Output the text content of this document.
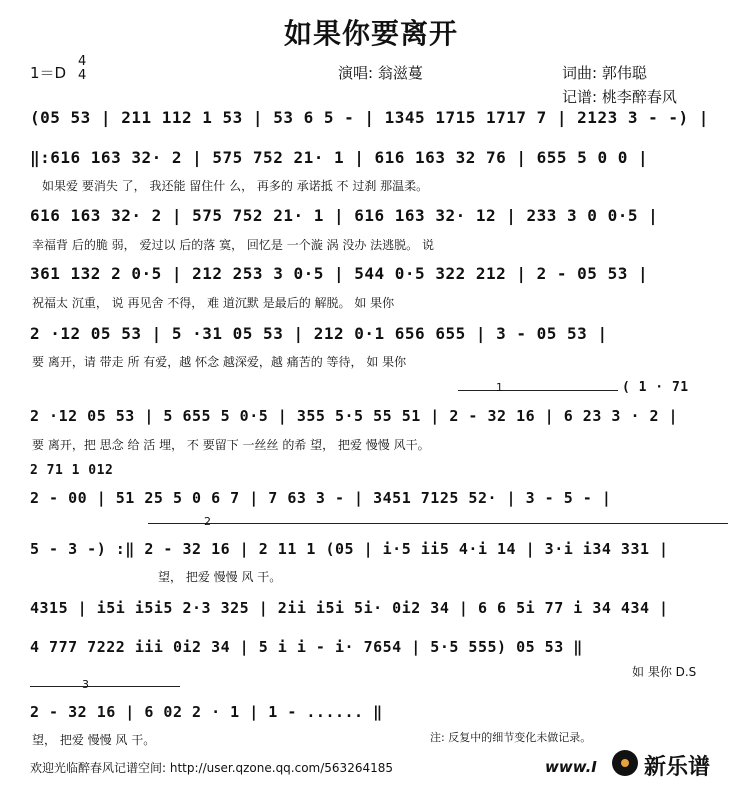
如果你要离开
1＝D
4
4	演唱: 翁滋蔓	词曲: 郭伟聪
记谱: 桃李醉春风
(05 53 | 211 112 1 53 | 53 6 5 - | 1345 1715 1717 7 | 2123 3 - -) |
‖:616 163 32· 2 | 575 752 21· 1 | 616 163 32 76 | 655 5 0 0 |
如果爱 要消失 了， 我还能 留住什 么， 再多的 承诺抵 不 过刹 那温柔。
616 163 32· 2 | 575 752 21· 1 | 616 163 32· 12 | 233 3 0 0·5 |
幸福背 后的脆 弱， 爱过以 后的落 寞， 回忆是 一个漩 涡 没办 法逃脱。 说
361 132 2 0·5 | 212 253 3 0·5 | 544 0·5 322 212 | 2 - 05 53 |
祝福太 沉重， 说 再见舍 不得， 难 道沉默 是最后的 解脱。 如 果你
2 ·12 05 53 | 5 ·31 05 53 | 212 0·1 656 655 | 3 - 05 53 |
要 离开，请 带走 所 有爱，越 怀念 越深爱，越 痛苦的 等待， 如 果你
1	( 1 · 71
2 ·12 05 53 | 5 655 5 0·5 | 355 5·5 55 51 | 2 - 32 16 | 6 23 3 · 2 |
要 离开，把 思念 给 活 埋， 不 要留下 一丝丝 的希 望， 把爱 慢慢 风干。
2 71 1 012
2 - 00 | 51 25 5 0 6 7 | 7 63 3 - | 3451 7125 52· | 3 - 5 - |
2
5 - 3 -) :‖ 2 - 32 16 | 2 11 1 (05 | i·5 ii5 4·i 14 | 3·i i34 331 |
望， 把爱 慢慢 风 干。
4315 | i5i i5i5 2·3 325 | 2ii i5i 5i· 0i2 34 | 6 6 5i 77 i 34 434 |
4 777 7222 iii 0i2 34 | 5 i i - i· 7654 | 5·5 555) 05 53 ‖
如 果你 D.S
3
2 - 32 16 | 6 02 2 · 1 | 1 - ...... ‖
望， 把爱 慢慢 风 干。	注: 反复中的细节变化未做记录。
欢迎光临醉春风记谱空间: http://user.qzone.qq.com/563264185	www.I 新乐谱
